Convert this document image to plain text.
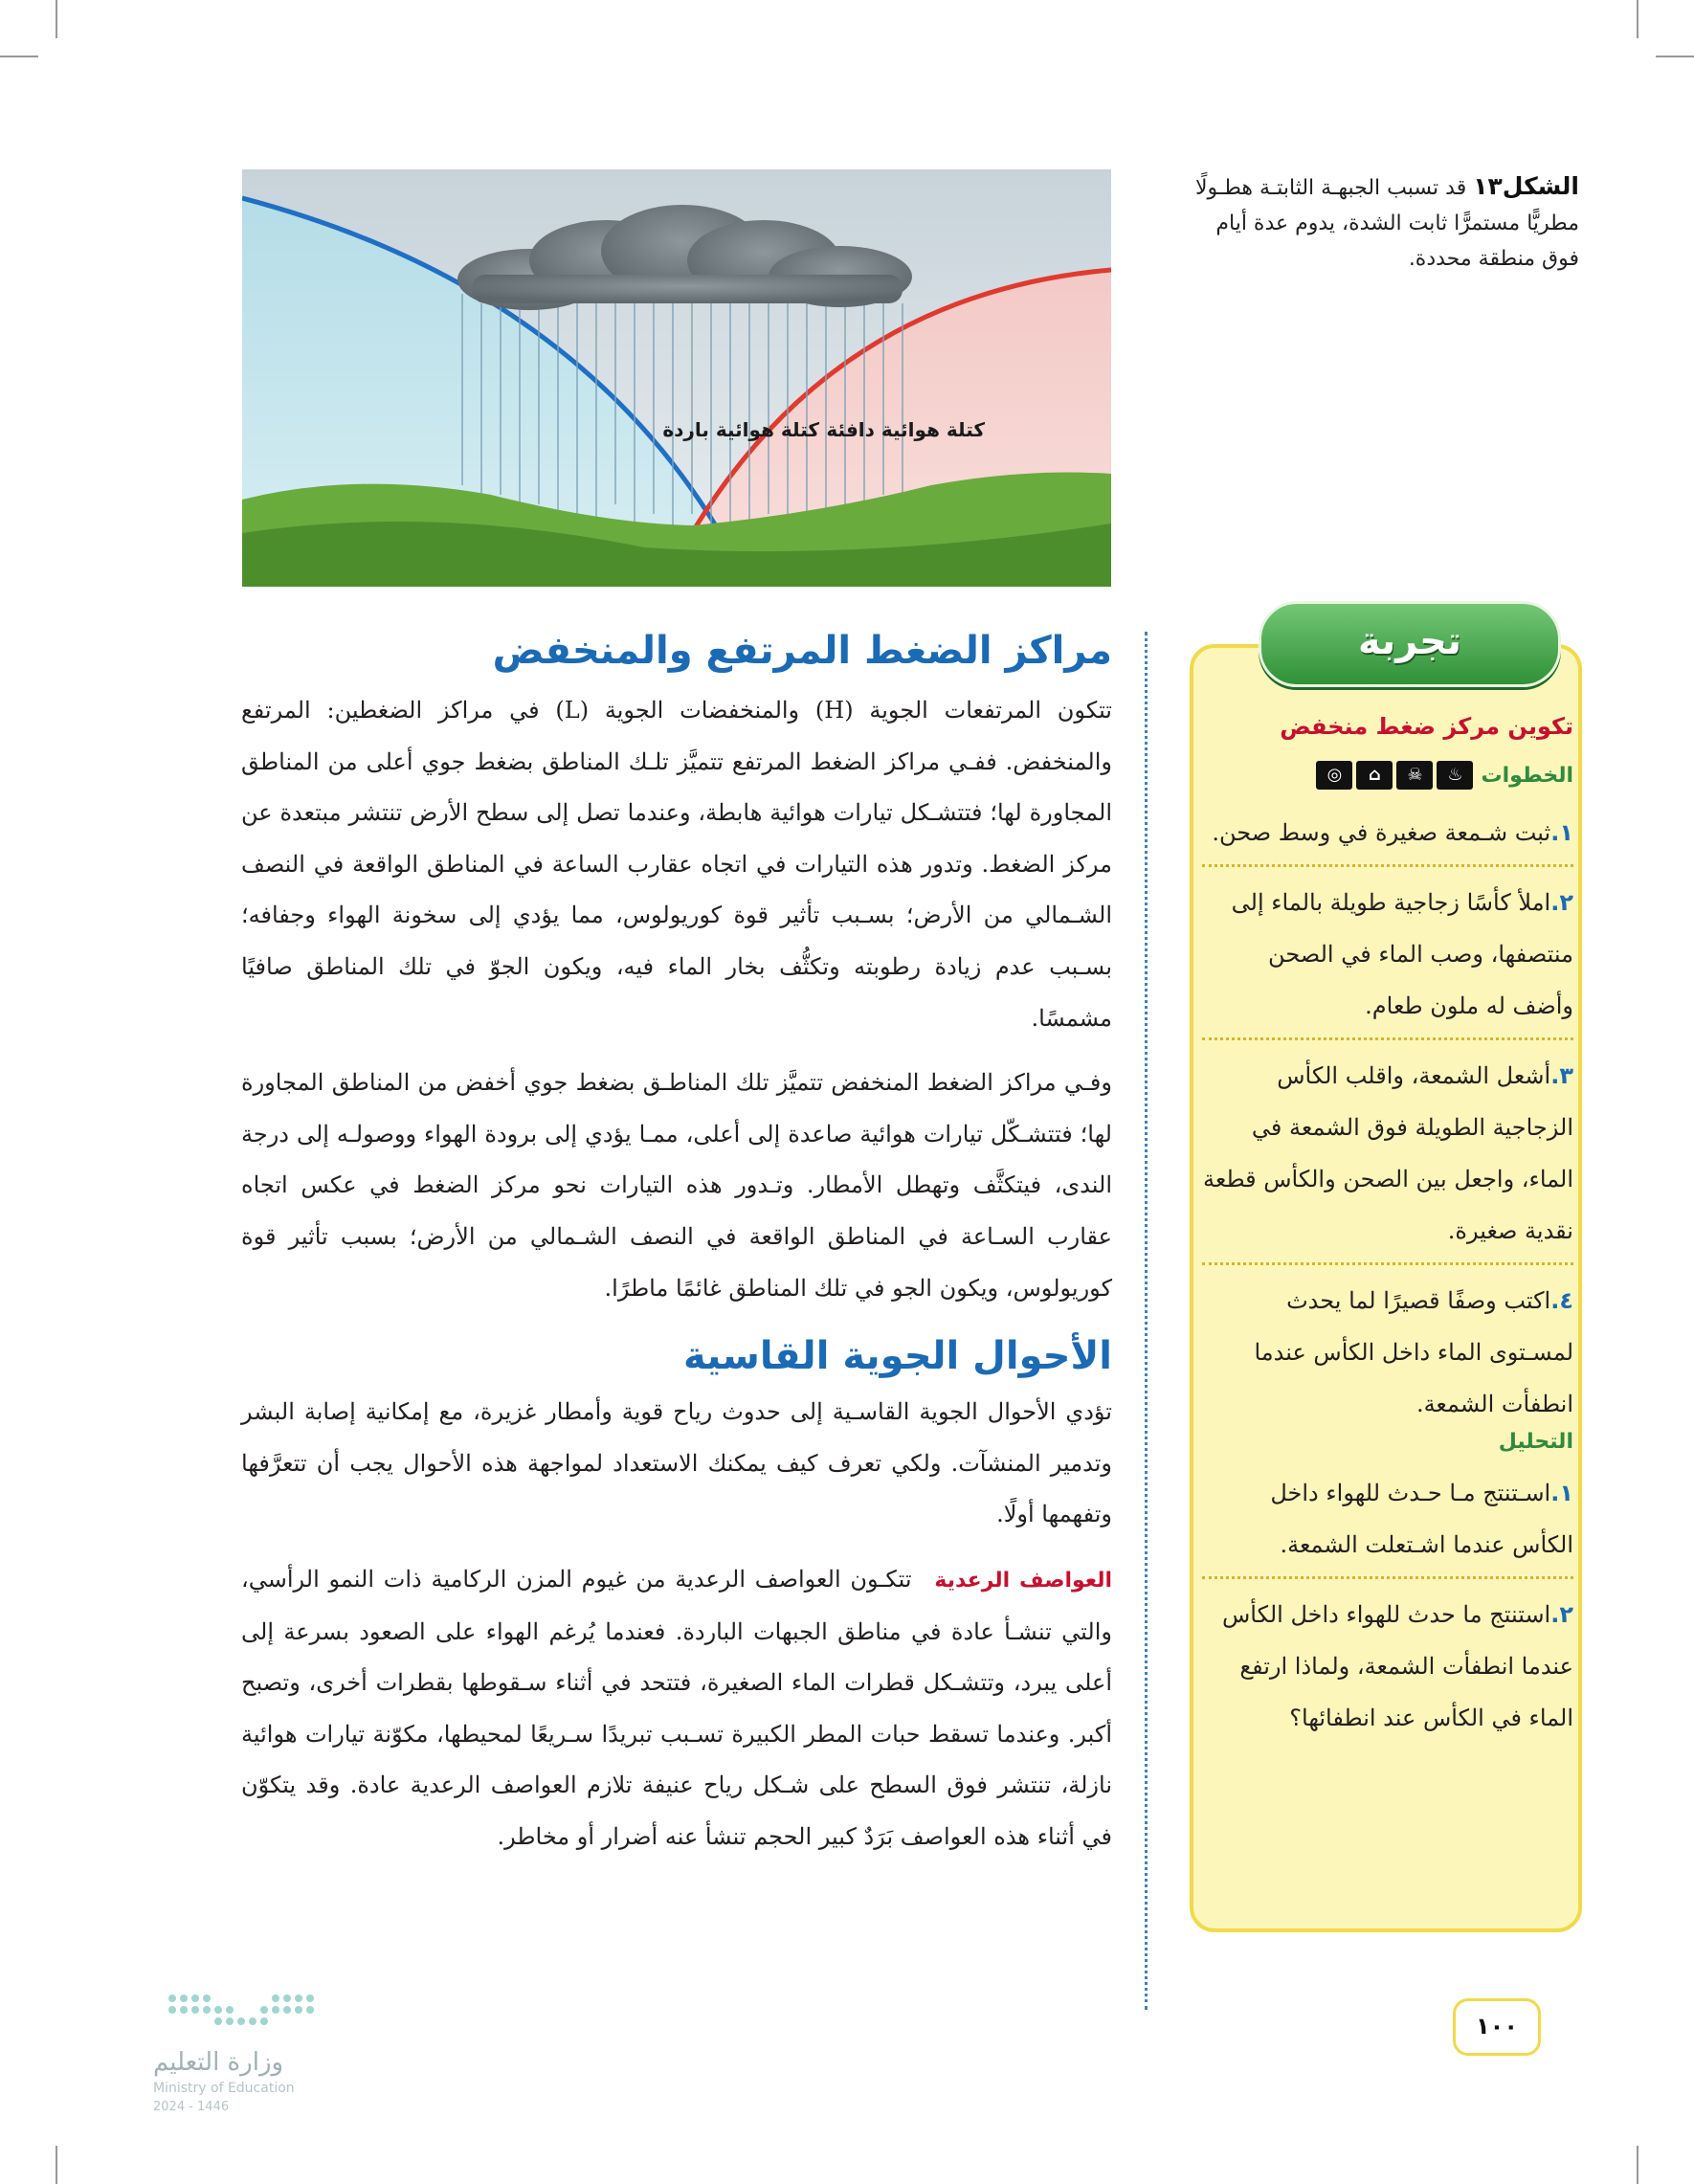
كتلة هوائية باردة كتلة هوائية دافئة
الشكل١٣ قد تسبب الجبهـة الثابتـة هطـولًا مطريًّا مستمرًّا ثابت الشدة، يدوم عدة أيام فوق منطقة محددة.
مراكز الضغط المرتفع والمنخفض

تتكون المرتفعات الجوية (H) والمنخفضات الجوية (L) في مراكز الضغطين: المرتفع والمنخفض. ففـي مراكز الضغط المرتفع تتميَّز تلـك المناطق بضغط جوي أعلى من المناطق المجاورة لها؛ فتتشـكل تيارات هوائية هابطة، وعندما تصل إلى سطح الأرض تنتشر مبتعدة عن مركز الضغط. وتدور هذه التيارات في اتجاه عقارب الساعة في المناطق الواقعة في النصف الشـمالي من الأرض؛ بسـبب تأثير قوة كوريولوس، مما يؤدي إلى سخونة الهواء وجفافه؛ بسـبب عدم زيادة رطوبته وتكثُّف بخار الماء فيه، ويكون الجوّ في تلك المناطق صافيًا مشمسًا.

وفـي مراكز الضغط المنخفض تتميَّز تلك المناطـق بضغط جوي أخفض من المناطق المجاورة لها؛ فتتشـكّل تيارات هوائية صاعدة إلى أعلى، ممـا يؤدي إلى برودة الهواء ووصولـه إلى درجة الندى، فيتكثَّف وتهطل الأمطار. وتـدور هذه التيارات نحو مركز الضغط في عكس اتجاه عقارب السـاعة في المناطق الواقعة في النصف الشـمالي من الأرض؛ بسبب تأثير قوة كوريولوس، ويكون الجو في تلك المناطق غائمًا ماطرًا.

الأحوال الجوية القاسية

تؤدي الأحوال الجوية القاسـية إلى حدوث رياح قوية وأمطار غزيرة، مع إمكانية إصابة البشر وتدمير المنشآت. ولكي تعرف كيف يمكنك الاستعداد لمواجهة هذه الأحوال يجب أن تتعرَّفها وتفهمها أولًا.

العواصف الرعدية تتكـون العواصف الرعدية من غيوم المزن الركامية ذات النمو الرأسي، والتي تنشـأ عادة في مناطق الجبهات الباردة. فعندما يُرغم الهواء على الصعود بسرعة إلى أعلى يبرد، وتتشـكل قطرات الماء الصغيرة، فتتحد في أثناء سـقوطها بقطرات أخرى، وتصبح أكبر. وعندما تسقط حبات المطر الكبيرة تسـبب تبريدًا سـريعًا لمحيطها، مكوّنة تيارات هوائية نازلة، تنتشر فوق السطح على شـكل رياح عنيفة تلازم العواصف الرعدية عادة. وقد يتكوّن في أثناء هذه العواصف بَرَدٌ كبير الحجم تنشأ عنه أضرار أو مخاطر.

تجربة

تكوين مركز ضغط منخفض

الخطوات
◎	⌂	☠	♨

١.ثبت شـمعة صغيرة في وسط صحن.

٢.املأ كأسًا زجاجية طويلة بالماء إلى منتصفها، وصب الماء في الصحن وأضف له ملون طعام.

٣.أشعل الشمعة، واقلب الكأس الزجاجية الطويلة فوق الشمعة في الماء، واجعل بين الصحن والكأس قطعة نقدية صغيرة.

٤.اكتب وصفًا قصيرًا لما يحدث لمسـتوى الماء داخل الكأس عندما انطفأت الشمعة.

التحليل

١.اسـتنتج مـا حـدث للهواء داخل الكأس عندما اشـتعلت الشمعة.

٢.استنتج ما حدث للهواء داخل الكأس عندما انطفأت الشمعة، ولماذا ارتفع الماء في الكأس عند انطفائها؟

١٠٠
وزارة التعليم
Ministry of Education
2024 - 1446
